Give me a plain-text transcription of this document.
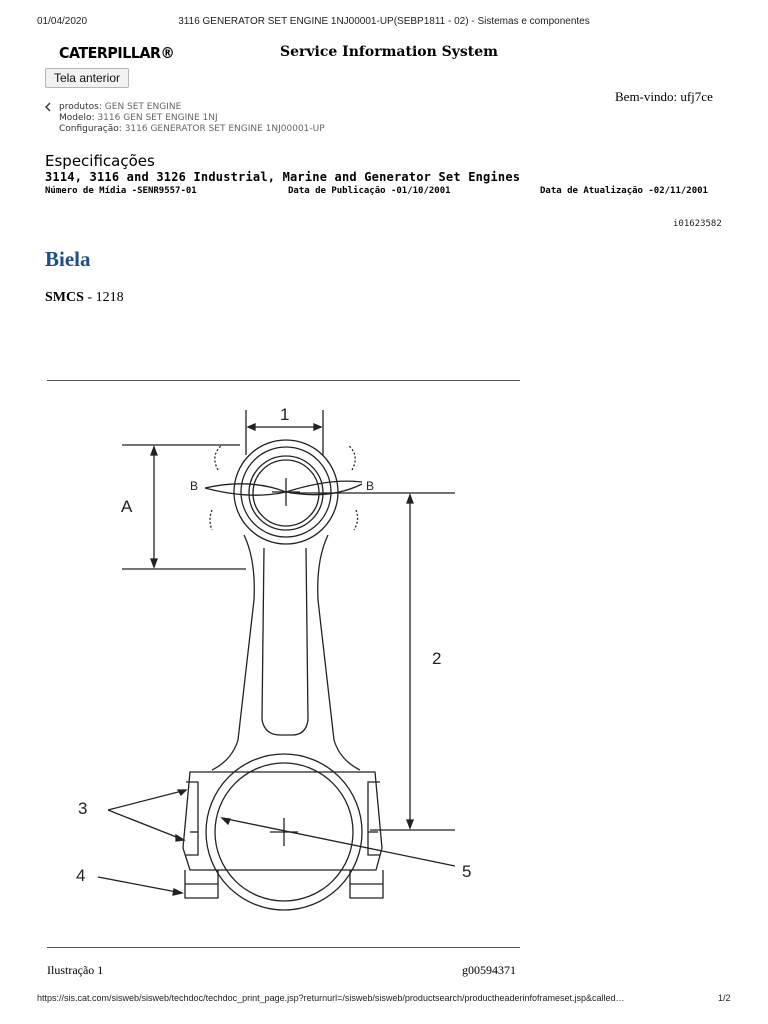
01/04/2020	3116 GENERATOR SET ENGINE 1NJ00001-UP(SEBP1811 - 02) - Sistemas e componentes
CATERPILLAR®	Service Information System
Tela anterior
Bem-vindo: ufj7ce
produtos: GEN SET ENGINE
Modelo: 3116 GEN SET ENGINE 1NJ
Configuração: 3116 GENERATOR SET ENGINE 1NJ00001-UP
Especificações
3114, 3116 and 3126 Industrial, Marine and Generator Set Engines
Número de Mídia -SENR9557-01	Data de Publicação -01/10/2001	Data de Atualização -02/11/2001
i01623582
Biela
SMCS - 1218
1
A
B	B
2
3
4	5
Ilustração 1	g00594371
https://sis.cat.com/sisweb/sisweb/techdoc/techdoc_print_page.jsp?returnurl=/sisweb/sisweb/productsearch/productheaderinfoframeset.jsp&called…	1/2
